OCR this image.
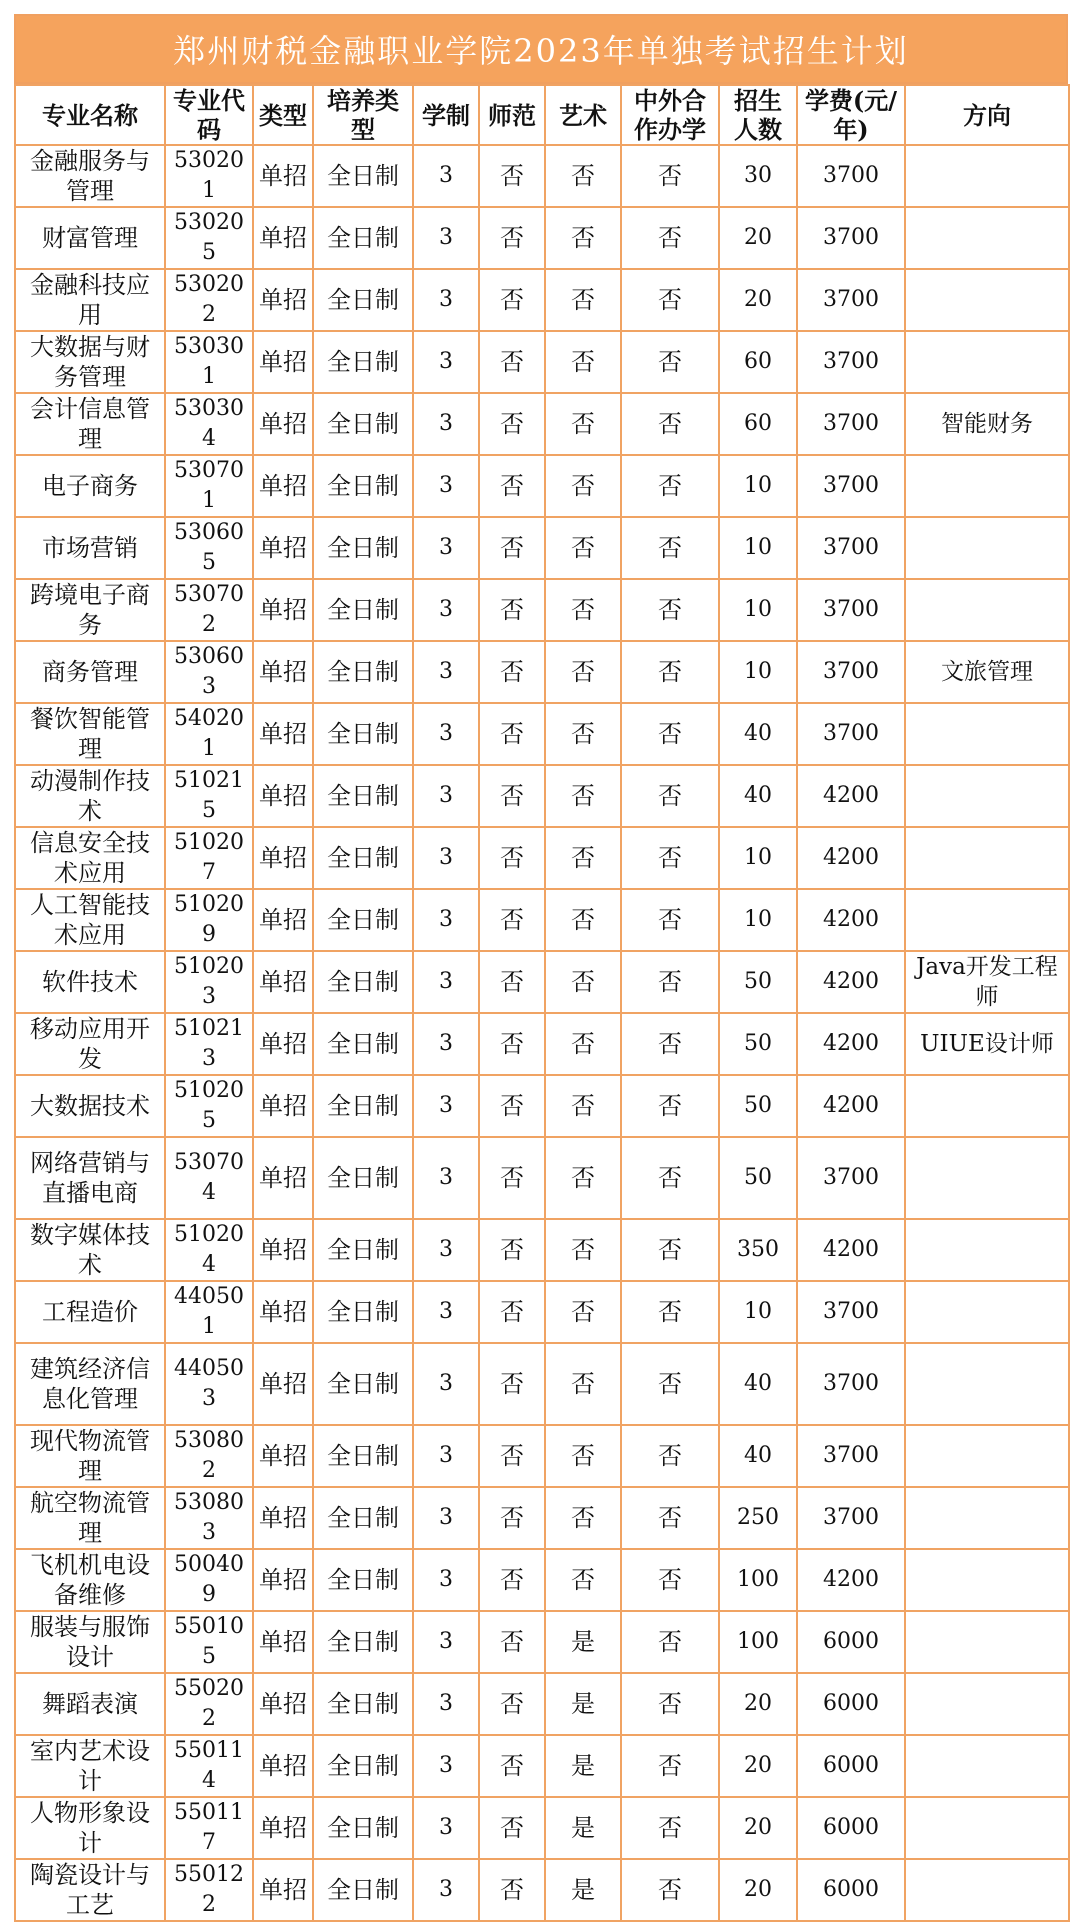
郑州财税金融职业学院2023年单独考试招生计划
专业名称	专业代码	类型	培养类型	学制	师范	艺术	中外合作办学	招生人数	学费(元/年)	方向
金融服务与管理	530201	单招	全日制	3	否	否	否	30	3700	
财富管理	530205	单招	全日制	3	否	否	否	20	3700	
金融科技应用	530202	单招	全日制	3	否	否	否	20	3700	
大数据与财务管理	530301	单招	全日制	3	否	否	否	60	3700	
会计信息管理	530304	单招	全日制	3	否	否	否	60	3700	智能财务
电子商务	530701	单招	全日制	3	否	否	否	10	3700	
市场营销	530605	单招	全日制	3	否	否	否	10	3700	
跨境电子商务	530702	单招	全日制	3	否	否	否	10	3700	
商务管理	530603	单招	全日制	3	否	否	否	10	3700	文旅管理
餐饮智能管理	540201	单招	全日制	3	否	否	否	40	3700	
动漫制作技术	510215	单招	全日制	3	否	否	否	40	4200	
信息安全技术应用	510207	单招	全日制	3	否	否	否	10	4200	
人工智能技术应用	510209	单招	全日制	3	否	否	否	10	4200	
软件技术	510203	单招	全日制	3	否	否	否	50	4200	Java开发工程师
移动应用开发	510213	单招	全日制	3	否	否	否	50	4200	UIUE设计师
大数据技术	510205	单招	全日制	3	否	否	否	50	4200	
网络营销与直播电商	530704	单招	全日制	3	否	否	否	50	3700	
数字媒体技术	510204	单招	全日制	3	否	否	否	350	4200	
工程造价	440501	单招	全日制	3	否	否	否	10	3700	
建筑经济信息化管理	440503	单招	全日制	3	否	否	否	40	3700	
现代物流管理	530802	单招	全日制	3	否	否	否	40	3700	
航空物流管理	530803	单招	全日制	3	否	否	否	250	3700	
飞机机电设备维修	500409	单招	全日制	3	否	否	否	100	4200	
服装与服饰设计	550105	单招	全日制	3	否	是	否	100	6000	
舞蹈表演	550202	单招	全日制	3	否	是	否	20	6000	
室内艺术设计	550114	单招	全日制	3	否	是	否	20	6000	
人物形象设计	550117	单招	全日制	3	否	是	否	20	6000	
陶瓷设计与工艺	550122	单招	全日制	3	否	是	否	20	6000	
